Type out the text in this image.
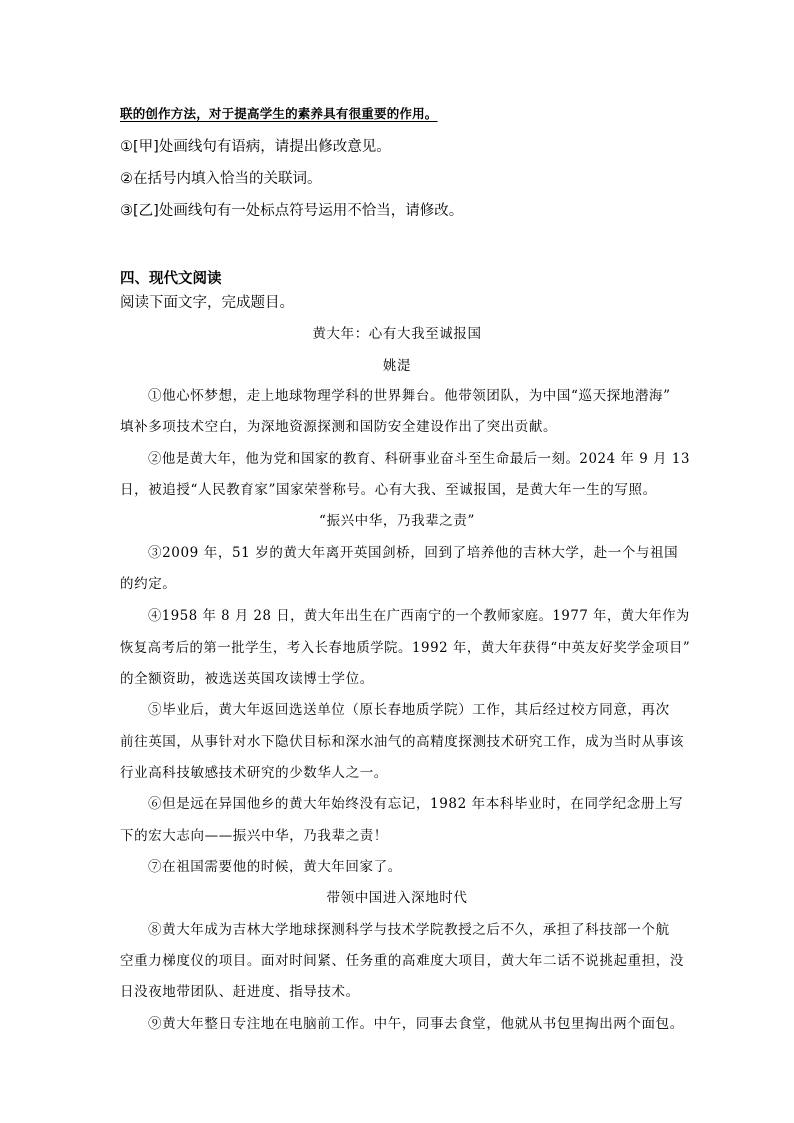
联的创作方法，对于提高学生的素养具有很重要的作用。
①[甲]处画线句有语病，请提出修改意见。
②在括号内填入恰当的关联词。
③[乙]处画线句有一处标点符号运用不恰当，请修改。
四、现代文阅读
阅读下面文字，完成题目。
黄大年：心有大我至诚报国
姚湜
①他心怀梦想，走上地球物理学科的世界舞台。他带领团队，为中国“巡天探地潜海”
填补多项技术空白，为深地资源探测和国防安全建设作出了突出贡献。
②他是黄大年，他为党和国家的教育、科研事业奋斗至生命最后一刻。2024 年 9 月 13
日，被追授“人民教育家”国家荣誉称号。心有大我、至诚报国，是黄大年一生的写照。
“振兴中华，乃我辈之责”
③2009 年，51 岁的黄大年离开英国剑桥，回到了培养他的吉林大学，赴一个与祖国
的约定。
④1958 年 8 月 28 日，黄大年出生在广西南宁的一个教师家庭。1977 年，黄大年作为
恢复高考后的第一批学生，考入长春地质学院。1992 年，黄大年获得“中英友好奖学金项目”
的全额资助，被选送英国攻读博士学位。
⑤毕业后，黄大年返回选送单位（原长春地质学院）工作，其后经过校方同意，再次
前往英国，从事针对水下隐伏目标和深水油气的高精度探测技术研究工作，成为当时从事该
行业高科技敏感技术研究的少数华人之一。
⑥但是远在异国他乡的黄大年始终没有忘记，1982 年本科毕业时，在同学纪念册上写
下的宏大志向——振兴中华，乃我辈之责！
⑦在祖国需要他的时候，黄大年回家了。
带领中国进入深地时代
⑧黄大年成为吉林大学地球探测科学与技术学院教授之后不久，承担了科技部一个航
空重力梯度仪的项目。面对时间紧、任务重的高难度大项目，黄大年二话不说挑起重担，没
日没夜地带团队、赶进度、指导技术。
⑨黄大年整日专注地在电脑前工作。中午，同事去食堂，他就从书包里掏出两个面包。
